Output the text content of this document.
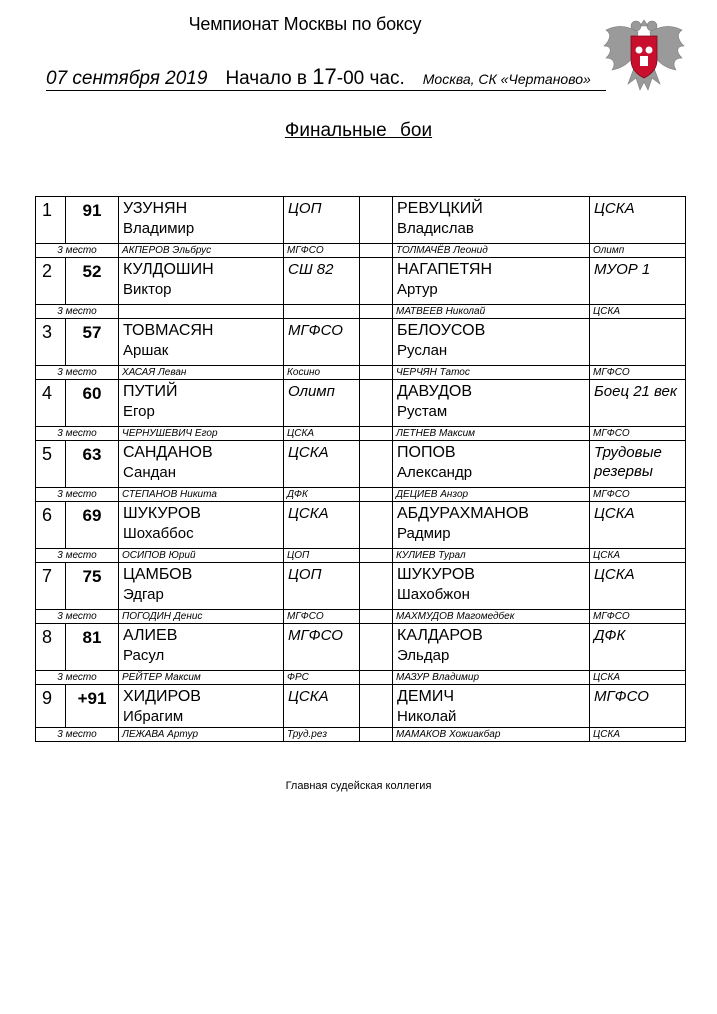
Чемпионат Москвы по боксу
07 сентября 2019 Начало в 17-00 час. Москва, СК «Чертаново»
Финальные бои
1	91	УЗУНЯН
Владимир	ЦОП		РЕВУЦКИЙ
Владислав	ЦСКА
3 место		АКПЕРОВ Эльбрус	МГФСО		ТОЛМАЧЁВ Леонид	Олимп
2	52	КУЛДОШИН
Виктор	СШ 82		НАГАПЕТЯН
Артур	МУОР 1
3 место					МАТВЕЕВ Николай	ЦСКА
3	57	ТОВМАСЯН
Аршак	МГФСО		БЕЛОУСОВ
Руслан	

3 место		ХАСАЯ Леван	Косино		ЧЕРЧЯН Татос	МГФСО
4	60	ПУТИЙ
Егор	Олимп		ДАВУДОВ
Рустам	Боец 21 век
3 место		ЧЕРНУШЕВИЧ Егор	ЦСКА		ЛЕТНЕВ Максим	МГФСО
5	63	САНДАНОВ
Сандан	ЦСКА		ПОПОВ
Александр	Трудовые резервы
3 место		СТЕПАНОВ Никита	ДФК		ДЕЦИЕВ Анзор	МГФСО
6	69	ШУКУРОВ
Шохаббос	ЦСКА		АБДУРАХМАНОВ
Радмир	ЦСКА
3 место		ОСИПОВ Юрий	ЦОП		КУЛИЕВ Турал	ЦСКА
7	75	ЦАМБОВ
Эдгар	ЦОП		ШУКУРОВ
Шахобжон	ЦСКА
3 место		ПОГОДИН Денис	МГФСО		МАХМУДОВ Магомедбек	МГФСО
8	81	АЛИЕВ
Расул	МГФСО		КАЛДАРОВ
Эльдар	ДФК
3 место		РЕЙТЕР Максим	ФРС		МАЗУР Владимир	ЦСКА
9	+91	ХИДИРОВ
Ибрагим	ЦСКА		ДЕМИЧ
Николай	МГФСО
3 место		ЛЕЖАВА Артур	Труд.рез		МАМАКОВ Хожиакбар	ЦСКА
Главная судейская коллегия
